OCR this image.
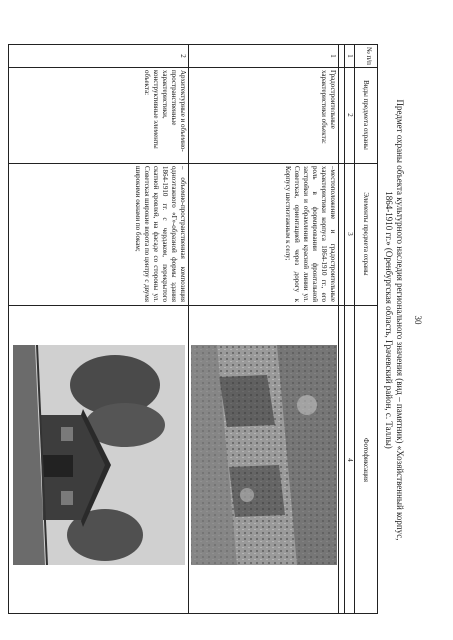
30
Предмет охраны объекта культурного наследия регионального значения (вид – памятник) «Хозяйственный корпус,
1864-1910 гг.» (Оренбургская область, Грачевский район, с. Таллы)
№ п/п
Виды предмета охраны
Элементы предмета охраны
Фотофиксация
1
2
3
4
1
Градостроительные характеристики объекта:
–местоположение и градостроительные характеристики корпуса 1864-1910 гг., его роль в формировании фронтальной застройки и обрамлении красной линии ул. Советская, ориентацией через дорогу к Корпусу шестиэтажным к селу;
2
Архитектурные и объемно-пространственные характеристики, конструктивные элементы объекта:
– объемно-пространственная композиция одноэтажного «Г»-образной формы здания 1864-1910 гг. с чердаком, перекрытого скатной кровлей, на фасаде со стороны ул. Советская широкие ворота по центру с двумя широкими окнами по бокам;
